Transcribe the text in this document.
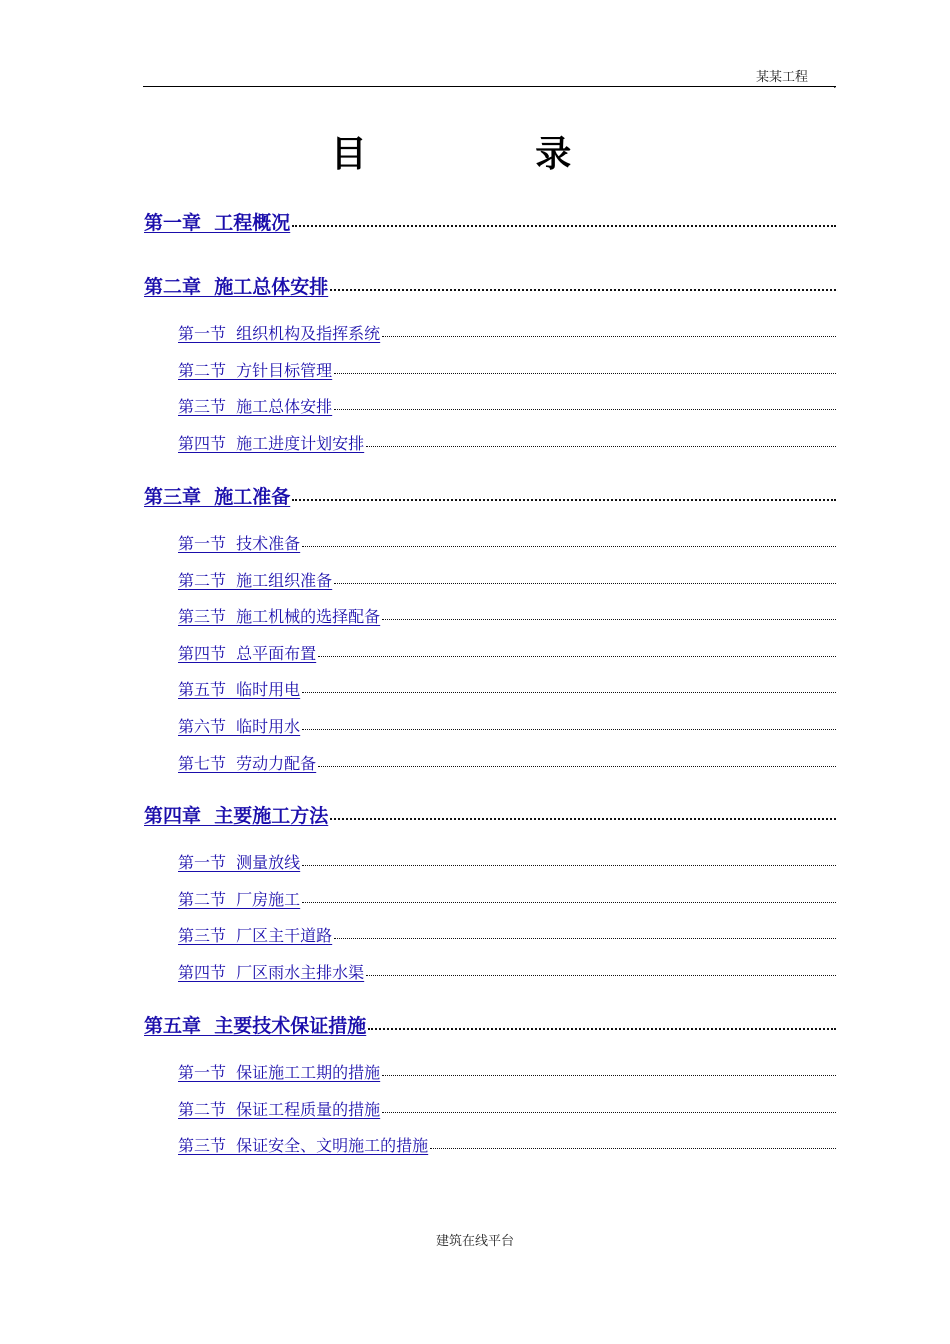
某某工程 .
目 录
第一章  工程概况
第二章  施工总体安排
第一节  组织机构及指挥系统
第二节  方针目标管理
第三节  施工总体安排
第四节  施工进度计划安排
第三章  施工准备
第一节  技术准备
第二节  施工组织准备
第三节  施工机械的选择配备
第四节  总平面布置
第五节  临时用电
第六节  临时用水
第七节  劳动力配备
第四章  主要施工方法
第一节  测量放线
第二节  厂房施工
第三节  厂区主干道路
第四节  厂区雨水主排水渠
第五章  主要技术保证措施
第一节  保证施工工期的措施
第二节  保证工程质量的措施
第三节  保证安全、文明施工的措施
建筑在线平台
